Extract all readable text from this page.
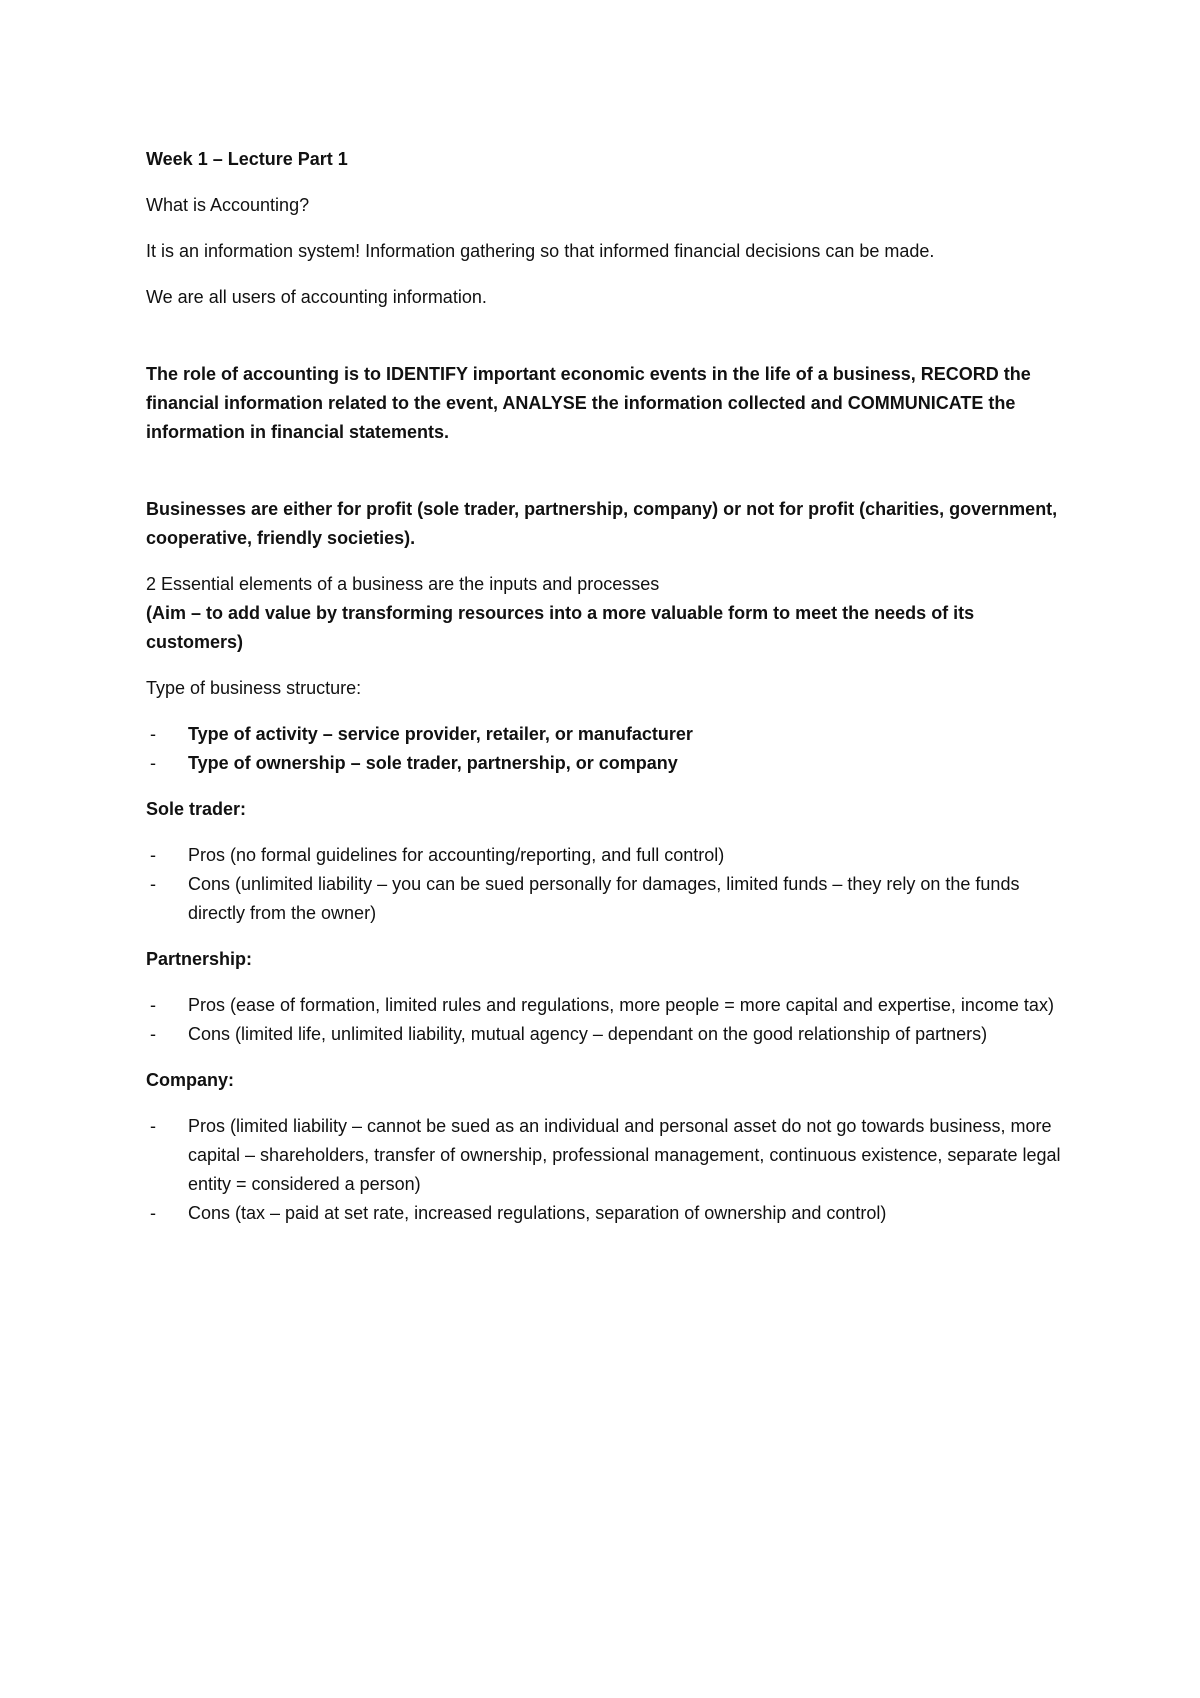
Week 1 – Lecture Part 1

What is Accounting?

It is an information system! Information gathering so that informed financial decisions can be made.

We are all users of accounting information.

The role of accounting is to IDENTIFY important economic events in the life of a business, RECORD the financial information related to the event, ANALYSE the information collected and COMMUNICATE the information in financial statements.

Businesses are either for profit (sole trader, partnership, company) or not for profit (charities, government, cooperative, friendly societies).

2 Essential elements of a business are the inputs and processes

(Aim – to add value by transforming resources into a more valuable form to meet the needs of its customers)

Type of business structure:

- Type of activity – service provider, retailer, or manufacturer
- Type of ownership – sole trader, partnership, or company

Sole trader:

- Pros (no formal guidelines for accounting/reporting, and full control)
- Cons (unlimited liability – you can be sued personally for damages, limited funds – they rely on the funds directly from the owner)

Partnership:

- Pros (ease of formation, limited rules and regulations, more people = more capital and expertise, income tax)
- Cons (limited life, unlimited liability, mutual agency – dependant on the good relationship of partners)

Company:

- Pros (limited liability – cannot be sued as an individual and personal asset do not go towards business, more capital – shareholders, transfer of ownership, professional management, continuous existence, separate legal entity = considered a person)
- Cons (tax – paid at set rate, increased regulations, separation of ownership and control)
